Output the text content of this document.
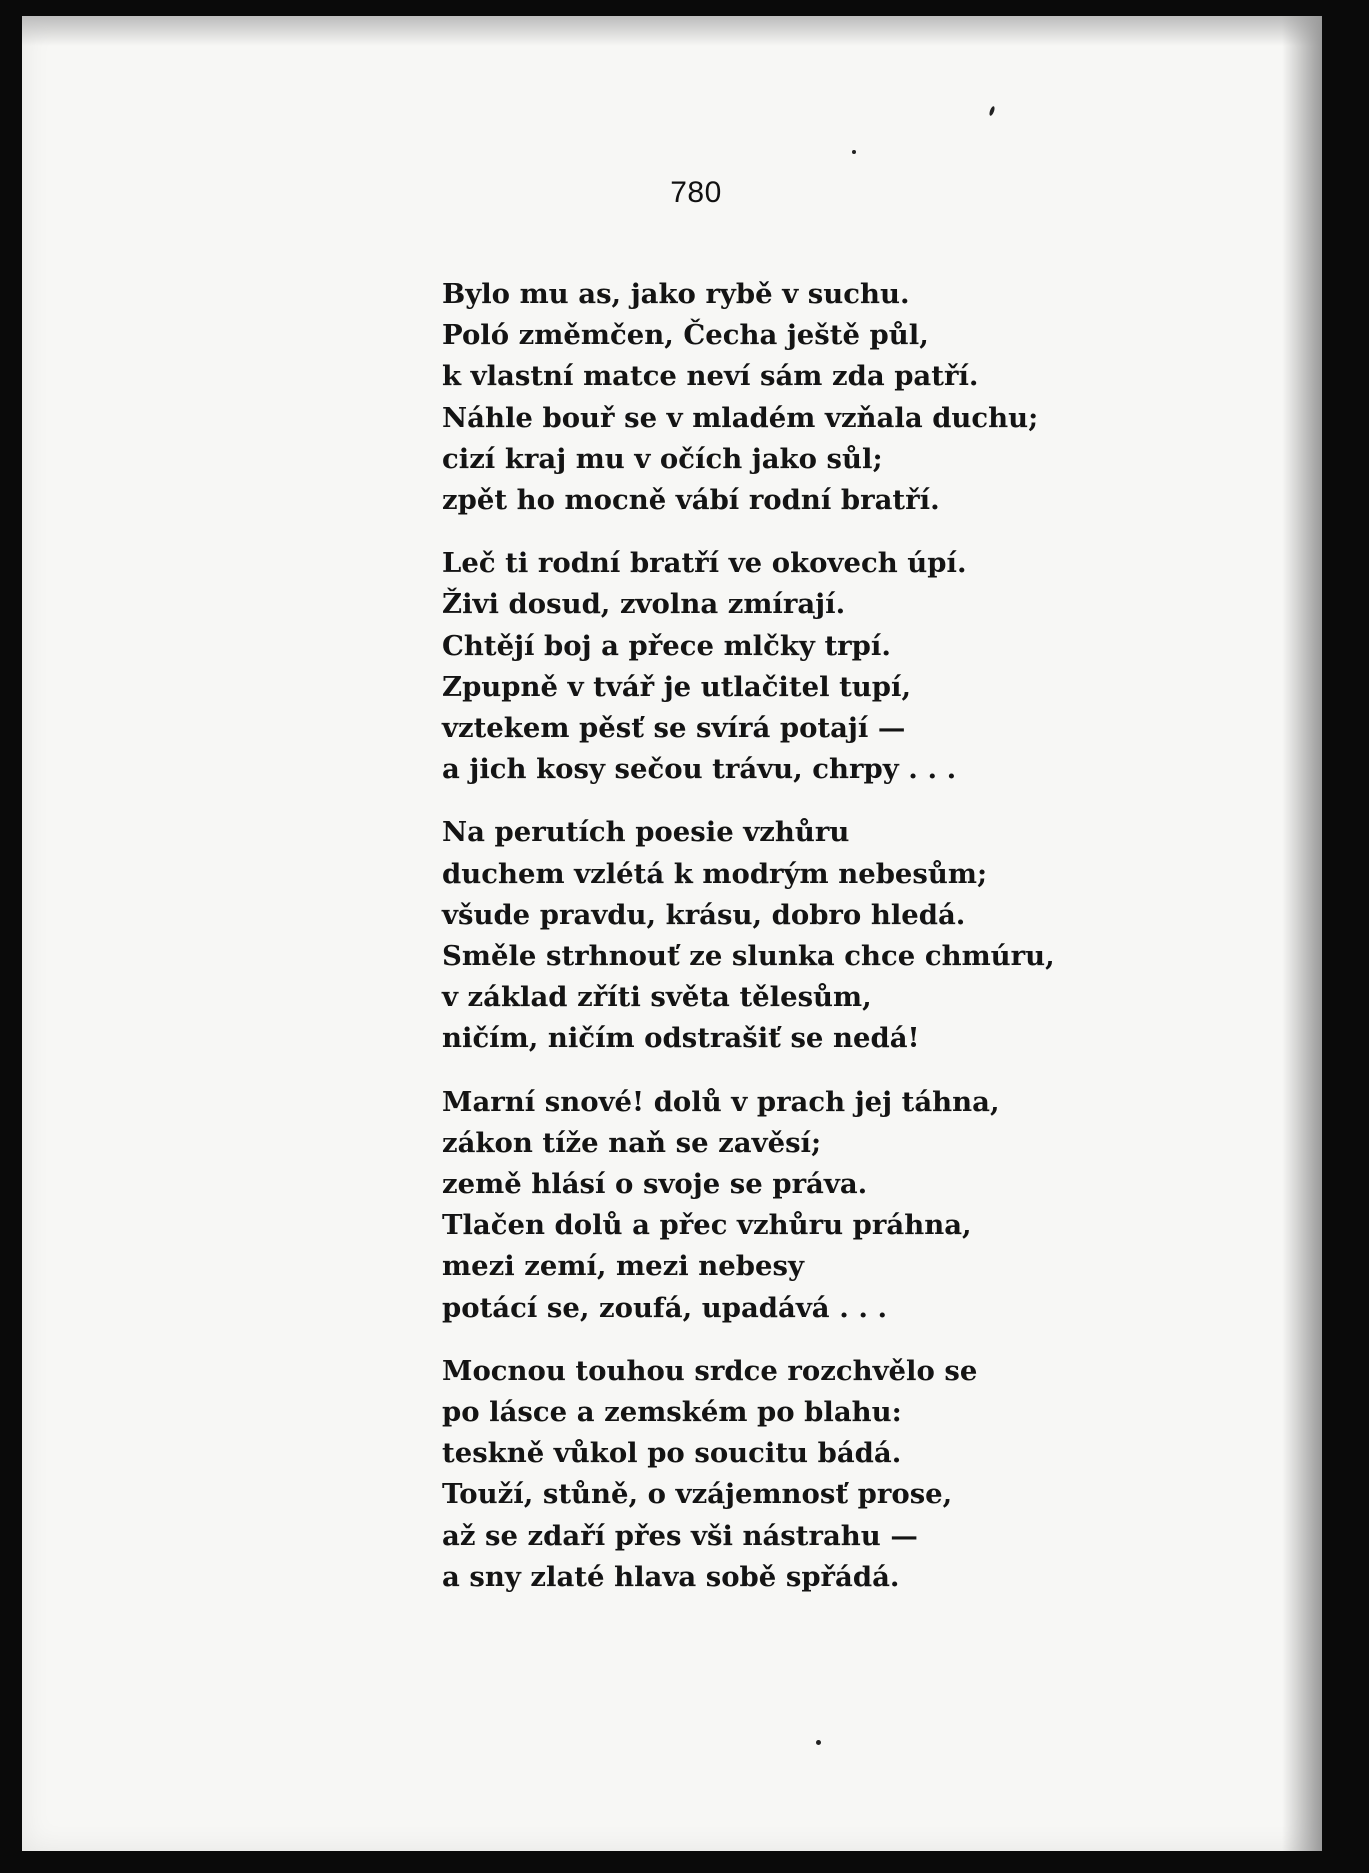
780
Bylo mu as, jako rybě v suchu.
Poló změmčen, Čecha ještě půl,
k vlastní matce neví sám zda patří.
Náhle bouř se v mladém vzňala duchu;
cizí kraj mu v očích jako sůl;
zpět ho mocně vábí rodní bratří.
Leč ti rodní bratří ve okovech úpí.
Živi dosud, zvolna zmírají.
Chtějí boj a přece mlčky trpí.
Zpupně v tvář je utlačitel tupí,
vztekem pěsť se svírá potají —
a jich kosy sečou trávu, chrpy . . .
Na perutích poesie vzhůru
duchem vzlétá k modrým nebesům;
všude pravdu, krásu, dobro hledá.
Směle strhnouť ze slunka chce chmúru,
v základ zříti světa tělesům,
ničím, ničím odstrašiť se nedá!
Marní snové! dolů v prach jej táhna,
zákon tíže naň se zavěsí;
země hlásí o svoje se práva.
Tlačen dolů a přec vzhůru práhna,
mezi zemí, mezi nebesy
potácí se, zoufá, upadává . . .
Mocnou touhou srdce rozchvělo se
po lásce a zemském po blahu:
teskně vůkol po soucitu bádá.
Touží, stůně, o vzájemnosť prose,
až se zdaří přes vši nástrahu —
a sny zlaté hlava sobě spřádá.
